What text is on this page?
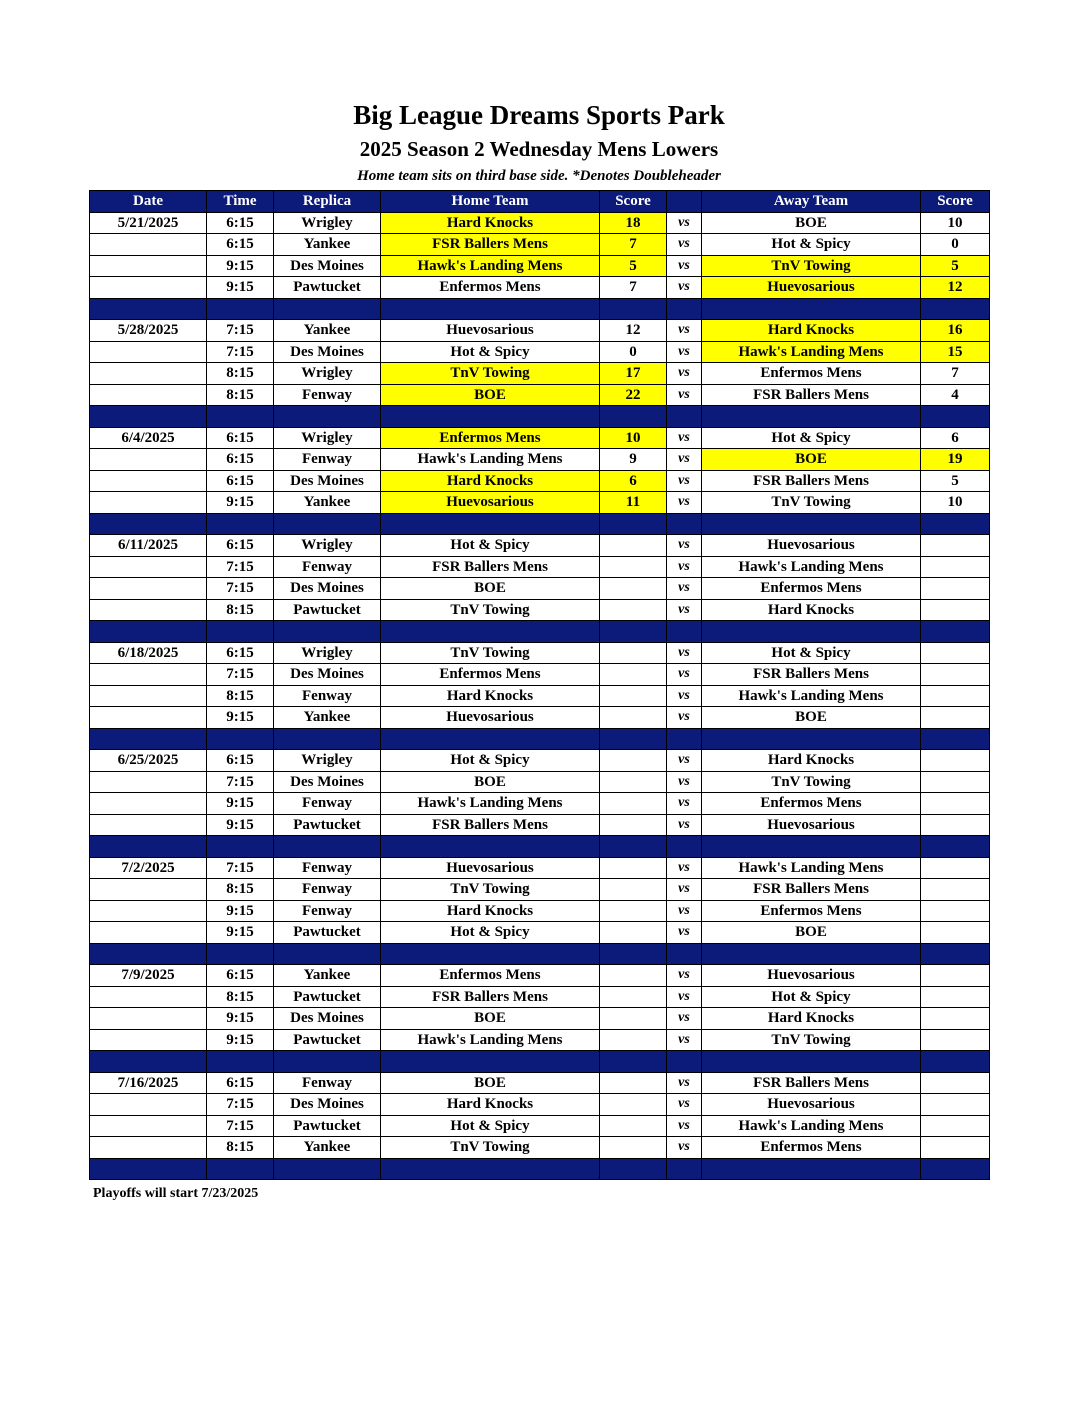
Big League Dreams Sports Park
2025 Season 2 Wednesday Mens Lowers
Home team sits on third base side. *Denotes Doubleheader
Date	Time	Replica	Home Team	Score		Away Team	Score
5/21/2025	6:15	Wrigley	Hard Knocks	18	vs	BOE	10
	6:15	Yankee	FSR Ballers Mens	7	vs	Hot & Spicy	0
	9:15	Des Moines	Hawk's Landing Mens	5	vs	TnV Towing	5
	9:15	Pawtucket	Enfermos Mens	7	vs	Huevosarious	12

5/28/2025	7:15	Yankee	Huevosarious	12	vs	Hard Knocks	16
	7:15	Des Moines	Hot & Spicy	0	vs	Hawk's Landing Mens	15
	8:15	Wrigley	TnV Towing	17	vs	Enfermos Mens	7
	8:15	Fenway	BOE	22	vs	FSR Ballers Mens	4

6/4/2025	6:15	Wrigley	Enfermos Mens	10	vs	Hot & Spicy	6
	6:15	Fenway	Hawk's Landing Mens	9	vs	BOE	19
	6:15	Des Moines	Hard Knocks	6	vs	FSR Ballers Mens	5
	9:15	Yankee	Huevosarious	11	vs	TnV Towing	10

6/11/2025	6:15	Wrigley	Hot & Spicy		vs	Huevosarious	
	7:15	Fenway	FSR Ballers Mens		vs	Hawk's Landing Mens	
	7:15	Des Moines	BOE		vs	Enfermos Mens	
	8:15	Pawtucket	TnV Towing		vs	Hard Knocks	

6/18/2025	6:15	Wrigley	TnV Towing		vs	Hot & Spicy	
	7:15	Des Moines	Enfermos Mens		vs	FSR Ballers Mens	
	8:15	Fenway	Hard Knocks		vs	Hawk's Landing Mens	
	9:15	Yankee	Huevosarious		vs	BOE	

6/25/2025	6:15	Wrigley	Hot & Spicy		vs	Hard Knocks	
	7:15	Des Moines	BOE		vs	TnV Towing	
	9:15	Fenway	Hawk's Landing Mens		vs	Enfermos Mens	
	9:15	Pawtucket	FSR Ballers Mens		vs	Huevosarious	

7/2/2025	7:15	Fenway	Huevosarious		vs	Hawk's Landing Mens	
	8:15	Fenway	TnV Towing		vs	FSR Ballers Mens	
	9:15	Fenway	Hard Knocks		vs	Enfermos Mens	
	9:15	Pawtucket	Hot & Spicy		vs	BOE	

7/9/2025	6:15	Yankee	Enfermos Mens		vs	Huevosarious	
	8:15	Pawtucket	FSR Ballers Mens		vs	Hot & Spicy	
	9:15	Des Moines	BOE		vs	Hard Knocks	
	9:15	Pawtucket	Hawk's Landing Mens		vs	TnV Towing	

7/16/2025	6:15	Fenway	BOE		vs	FSR Ballers Mens	
	7:15	Des Moines	Hard Knocks		vs	Huevosarious	
	7:15	Pawtucket	Hot & Spicy		vs	Hawk's Landing Mens	
	8:15	Yankee	TnV Towing		vs	Enfermos Mens	

Playoffs will start 7/23/2025
